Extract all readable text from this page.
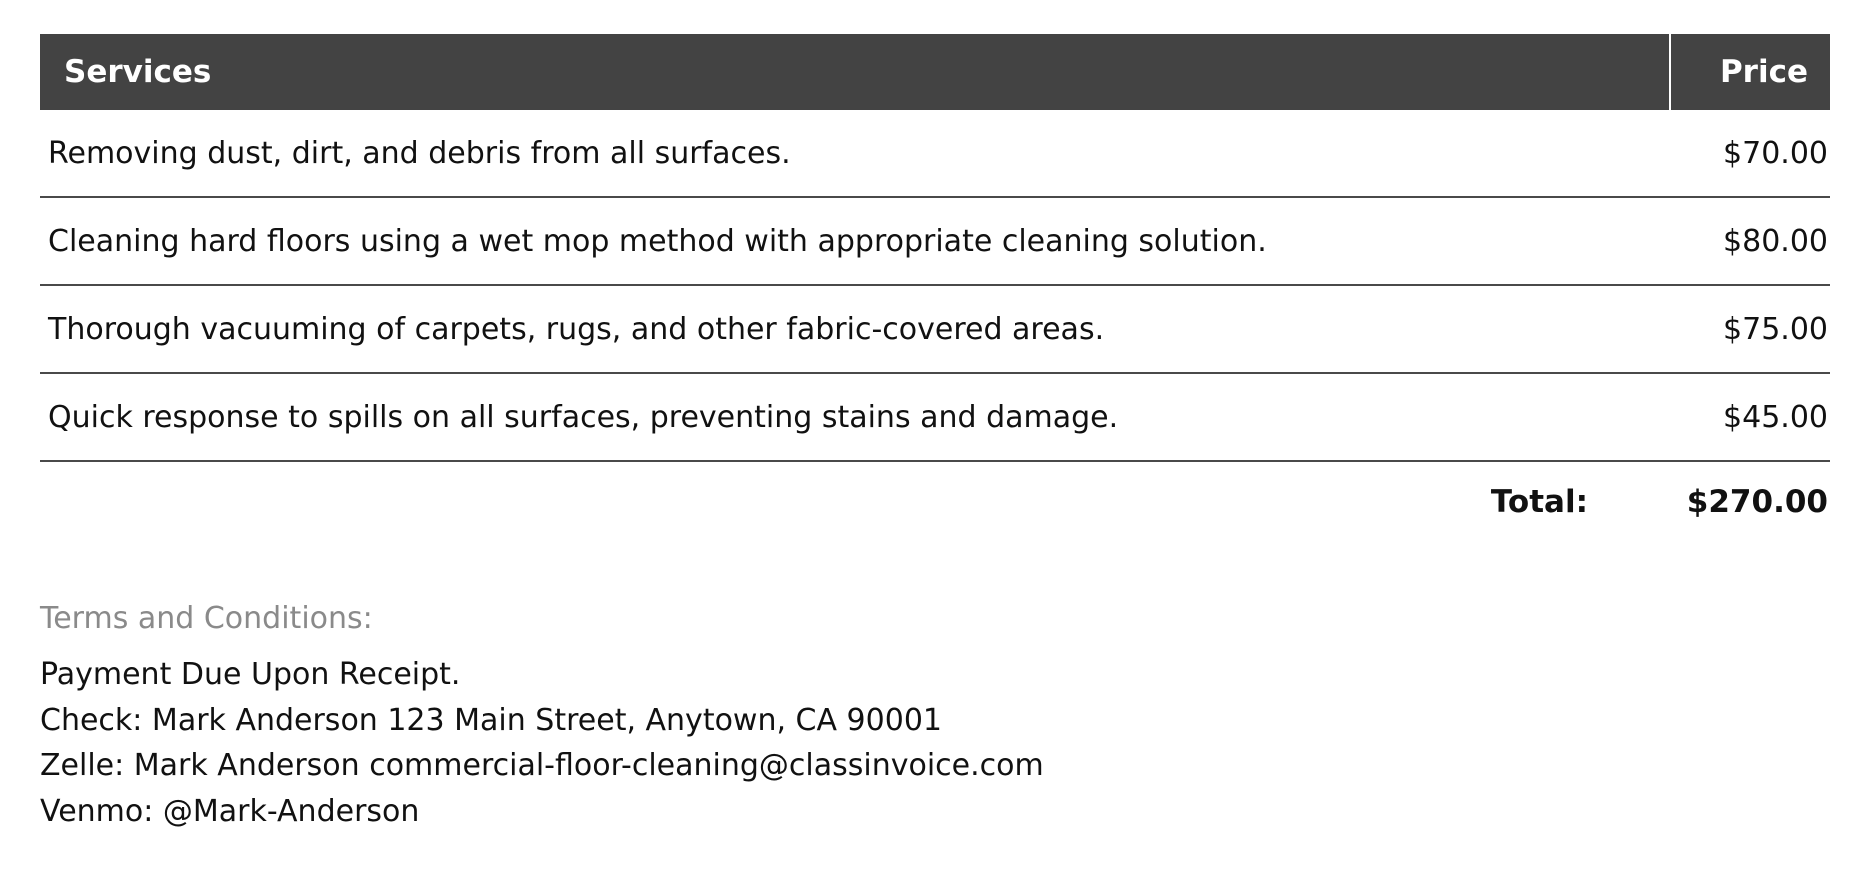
Services	Price
Removing dust, dirt, and debris from all surfaces.	$70.00
Cleaning hard floors using a wet mop method with appropriate cleaning solution.	$80.00
Thorough vacuuming of carpets, rugs, and other fabric-covered areas.	$75.00
Quick response to spills on all surfaces, preventing stains and damage.	$45.00
Total:	$270.00
Terms and Conditions:
Payment Due Upon Receipt.
Check: Mark Anderson 123 Main Street, Anytown, CA 90001
Zelle: Mark Anderson commercial-floor-cleaning@classinvoice.com
Venmo: @Mark-Anderson
